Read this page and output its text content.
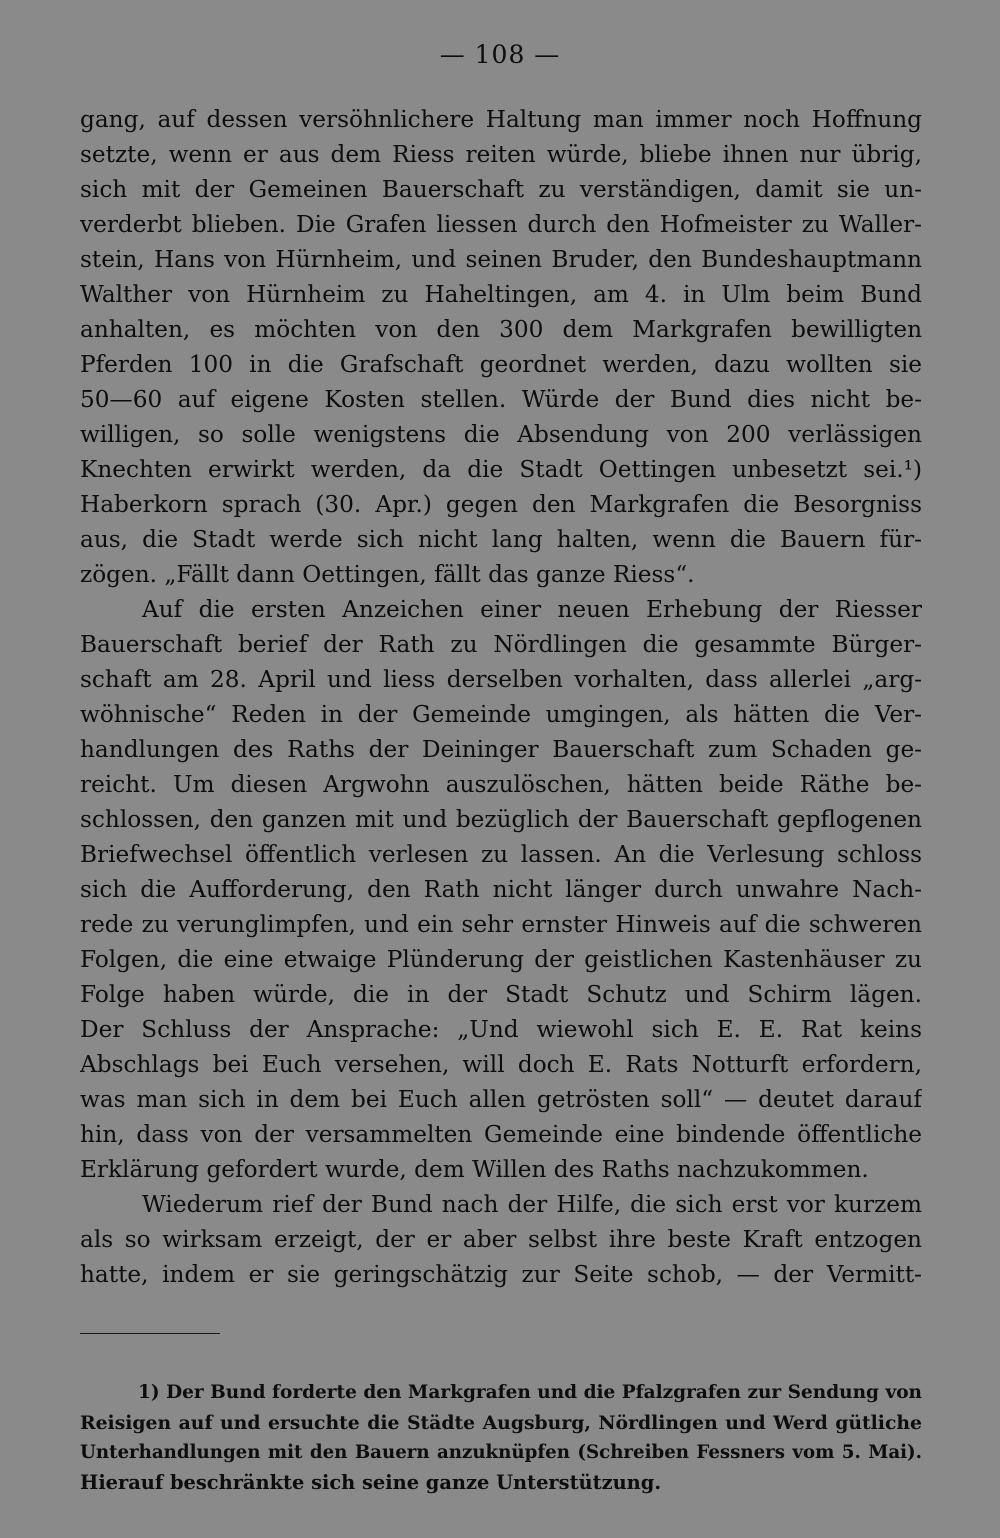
— 108 —
gang, auf dessen versöhnlichere Haltung man immer noch Hoffnung
setzte, wenn er aus dem Riess reiten würde, bliebe ihnen nur übrig,
sich mit der Gemeinen Bauerschaft zu verständigen, damit sie un-
verderbt blieben. Die Grafen liessen durch den Hofmeister zu Waller-
stein, Hans von Hürnheim, und seinen Bruder, den Bundeshauptmann
Walther von Hürnheim zu Haheltingen, am 4. in Ulm beim Bund
anhalten, es möchten von den 300 dem Markgrafen bewilligten
Pferden 100 in die Grafschaft geordnet werden, dazu wollten sie
50—60 auf eigene Kosten stellen. Würde der Bund dies nicht be-
willigen, so solle wenigstens die Absendung von 200 verlässigen
Knechten erwirkt werden, da die Stadt Oettingen unbesetzt sei.¹)
Haberkorn sprach (30. Apr.) gegen den Markgrafen die Besorgniss
aus, die Stadt werde sich nicht lang halten, wenn die Bauern für-
zögen. „Fällt dann Oettingen, fällt das ganze Riess“.
Auf die ersten Anzeichen einer neuen Erhebung der Riesser
Bauerschaft berief der Rath zu Nördlingen die gesammte Bürger-
schaft am 28. April und liess derselben vorhalten, dass allerlei „arg-
wöhnische“ Reden in der Gemeinde umgingen, als hätten die Ver-
handlungen des Raths der Deininger Bauerschaft zum Schaden ge-
reicht. Um diesen Argwohn auszulöschen, hätten beide Räthe be-
schlossen, den ganzen mit und bezüglich der Bauerschaft gepflogenen
Briefwechsel öffentlich verlesen zu lassen. An die Verlesung schloss
sich die Aufforderung, den Rath nicht länger durch unwahre Nach-
rede zu verunglimpfen, und ein sehr ernster Hinweis auf die schweren
Folgen, die eine etwaige Plünderung der geistlichen Kastenhäuser zu
Folge haben würde, die in der Stadt Schutz und Schirm lägen.
Der Schluss der Ansprache: „Und wiewohl sich E. E. Rat keins
Abschlags bei Euch versehen, will doch E. Rats Notturft erfordern,
was man sich in dem bei Euch allen getrösten soll“ — deutet darauf
hin, dass von der versammelten Gemeinde eine bindende öffentliche
Erklärung gefordert wurde, dem Willen des Raths nachzukommen.
Wiederum rief der Bund nach der Hilfe, die sich erst vor kurzem
als so wirksam erzeigt, der er aber selbst ihre beste Kraft entzogen
hatte, indem er sie geringschätzig zur Seite schob, — der Vermitt-
1) Der Bund forderte den Markgrafen und die Pfalzgrafen zur Sendung von
Reisigen auf und ersuchte die Städte Augsburg, Nördlingen und Werd gütliche
Unterhandlungen mit den Bauern anzuknüpfen (Schreiben Fessners vom 5. Mai).
Hierauf beschränkte sich seine ganze Unterstützung.
